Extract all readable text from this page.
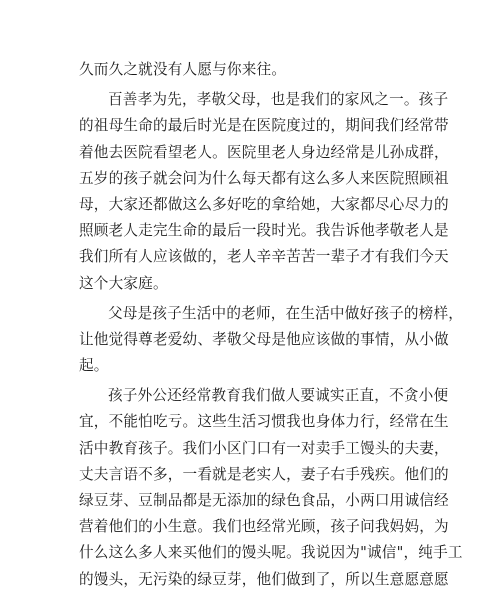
久而久之就没有人愿与你来往。
百善孝为先，孝敬父母，也是我们的家风之一。孩子
的祖母生命的最后时光是在医院度过的，期间我们经常带
着他去医院看望老人。医院里老人身边经常是儿孙成群，
五岁的孩子就会问为什么每天都有这么多人来医院照顾祖
母，大家还都做这么多好吃的拿给她，大家都尽心尽力的
照顾老人走完生命的最后一段时光。我告诉他孝敬老人是
我们所有人应该做的，老人辛辛苦苦一辈子才有我们今天
这个大家庭。
父母是孩子生活中的老师，在生活中做好孩子的榜样，
让他觉得尊老爱幼、孝敬父母是他应该做的事情，从小做
起。
孩子外公还经常教育我们做人要诚实正直，不贪小便
宜，不能怕吃亏。这些生活习惯我也身体力行，经常在生
活中教育孩子。我们小区门口有一对卖手工馒头的夫妻，
丈夫言语不多，一看就是老实人，妻子右手残疾。他们的
绿豆芽、豆制品都是无添加的绿色食品，小两口用诚信经
营着他们的小生意。我们也经常光顾，孩子问我妈妈，为
什么这么多人来买他们的馒头呢。我说因为"诚信"，纯手工
的馒头，无污染的绿豆芽，他们做到了，所以生意愿意愿
